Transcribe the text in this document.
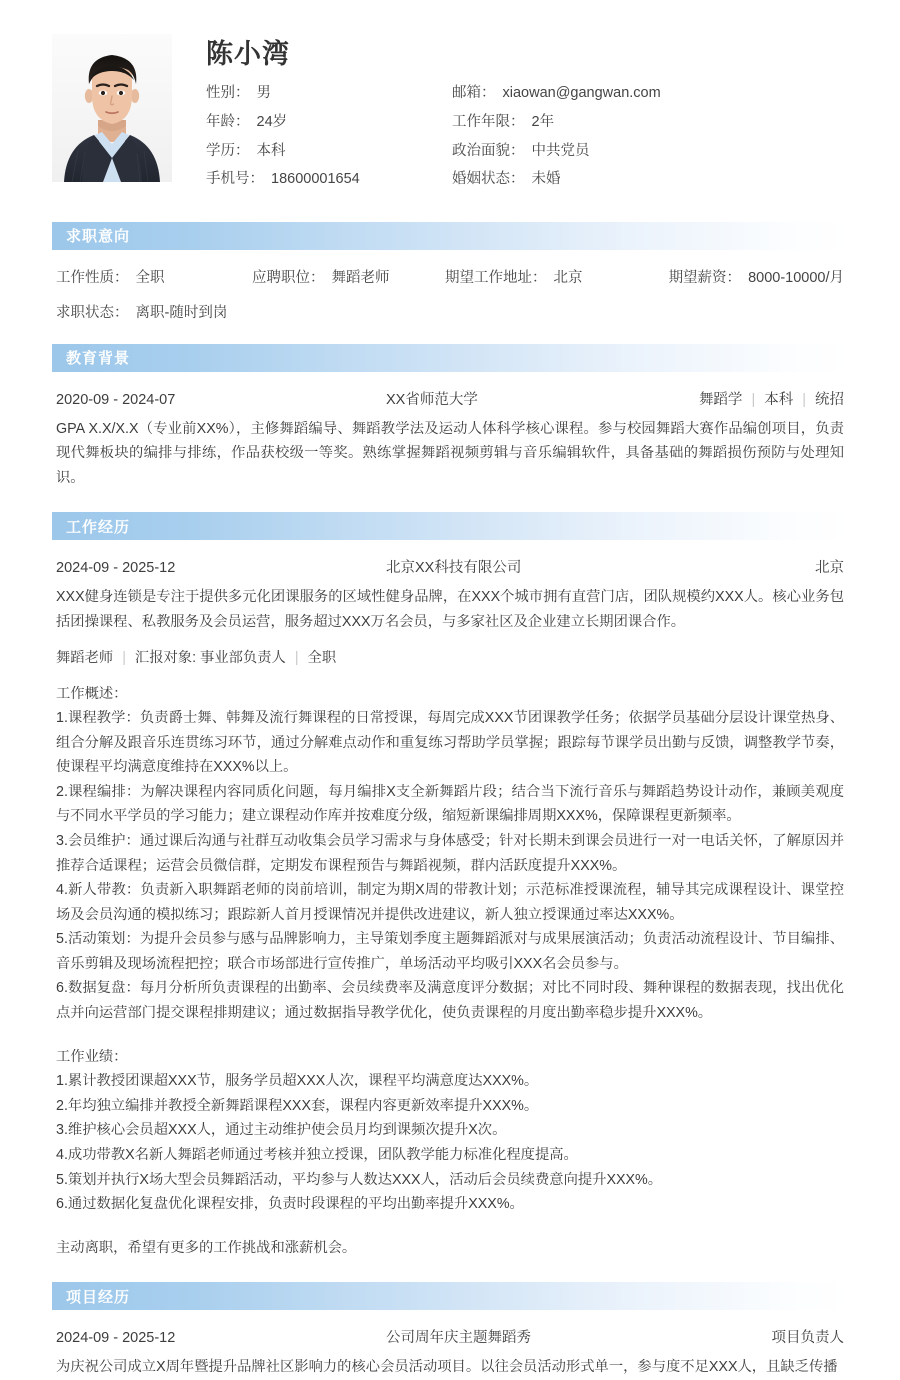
陈小湾
性别： 男	邮箱： xiaowan@gangwan.com
年龄： 24岁	工作年限： 2年
学历： 本科	政治面貌： 中共党员
手机号： 18600001654	婚姻状态： 未婚
求职意向
工作性质： 全职	应聘职位： 舞蹈老师	期望工作地址： 北京	期望薪资： 8000-10000/月
求职状态： 离职-随时到岗
教育背景
2020-09 - 2024-07	XX省师范大学	舞蹈学 | 本科 | 统招
GPA X.X/X.X（专业前XX%），主修舞蹈编导、舞蹈教学法及运动人体科学核心课程。参与校园舞蹈大赛作品编创项目，负责现代舞板块的编排与排练，作品获校级一等奖。熟练掌握舞蹈视频剪辑与音乐编辑软件，具备基础的舞蹈损伤预防与处理知识。
工作经历
2024-09 - 2025-12	北京XX科技有限公司	北京
XXX健身连锁是专注于提供多元化团课服务的区域性健身品牌，在XXX个城市拥有直营门店，团队规模约XXX人。核心业务包括团操课程、私教服务及会员运营，服务超过XXX万名会员，与多家社区及企业建立长期团课合作。
舞蹈老师 | 汇报对象: 事业部负责人 | 全职
工作概述：
1.课程教学：负责爵士舞、韩舞及流行舞课程的日常授课，每周完成XXX节团课教学任务；依据学员基础分层设计课堂热身、组合分解及跟音乐连贯练习环节，通过分解难点动作和重复练习帮助学员掌握；跟踪每节课学员出勤与反馈，调整教学节奏，使课程平均满意度维持在XXX%以上。
2.课程编排：为解决课程内容同质化问题，每月编排X支全新舞蹈片段；结合当下流行音乐与舞蹈趋势设计动作，兼顾美观度与不同水平学员的学习能力；建立课程动作库并按难度分级，缩短新课编排周期XXX%，保障课程更新频率。
3.会员维护：通过课后沟通与社群互动收集会员学习需求与身体感受；针对长期未到课会员进行一对一电话关怀，了解原因并推荐合适课程；运营会员微信群，定期发布课程预告与舞蹈视频，群内活跃度提升XXX%。
4.新人带教：负责新入职舞蹈老师的岗前培训，制定为期X周的带教计划；示范标准授课流程，辅导其完成课程设计、课堂控场及会员沟通的模拟练习；跟踪新人首月授课情况并提供改进建议，新人独立授课通过率达XXX%。
5.活动策划：为提升会员参与感与品牌影响力，主导策划季度主题舞蹈派对与成果展演活动；负责活动流程设计、节目编排、音乐剪辑及现场流程把控；联合市场部进行宣传推广，单场活动平均吸引XXX名会员参与。
6.数据复盘：每月分析所负责课程的出勤率、会员续费率及满意度评分数据；对比不同时段、舞种课程的数据表现，找出优化点并向运营部门提交课程排期建议；通过数据指导教学优化，使负责课程的月度出勤率稳步提升XXX%。
工作业绩：
1.累计教授团课超XXX节，服务学员超XXX人次，课程平均满意度达XXX%。
2.年均独立编排并教授全新舞蹈课程XXX套，课程内容更新效率提升XXX%。
3.维护核心会员超XXX人，通过主动维护使会员月均到课频次提升X次。
4.成功带教X名新人舞蹈老师通过考核并独立授课，团队教学能力标准化程度提高。
5.策划并执行X场大型会员舞蹈活动，平均参与人数达XXX人，活动后会员续费意向提升XXX%。
6.通过数据化复盘优化课程安排，负责时段课程的平均出勤率提升XXX%。
主动离职，希望有更多的工作挑战和涨薪机会。
项目经历
2024-09 - 2025-12	公司周年庆主题舞蹈秀	项目负责人
为庆祝公司成立X周年暨提升品牌社区影响力的核心会员活动项目。以往会员活动形式单一，参与度不足XXX人，且缺乏传播
